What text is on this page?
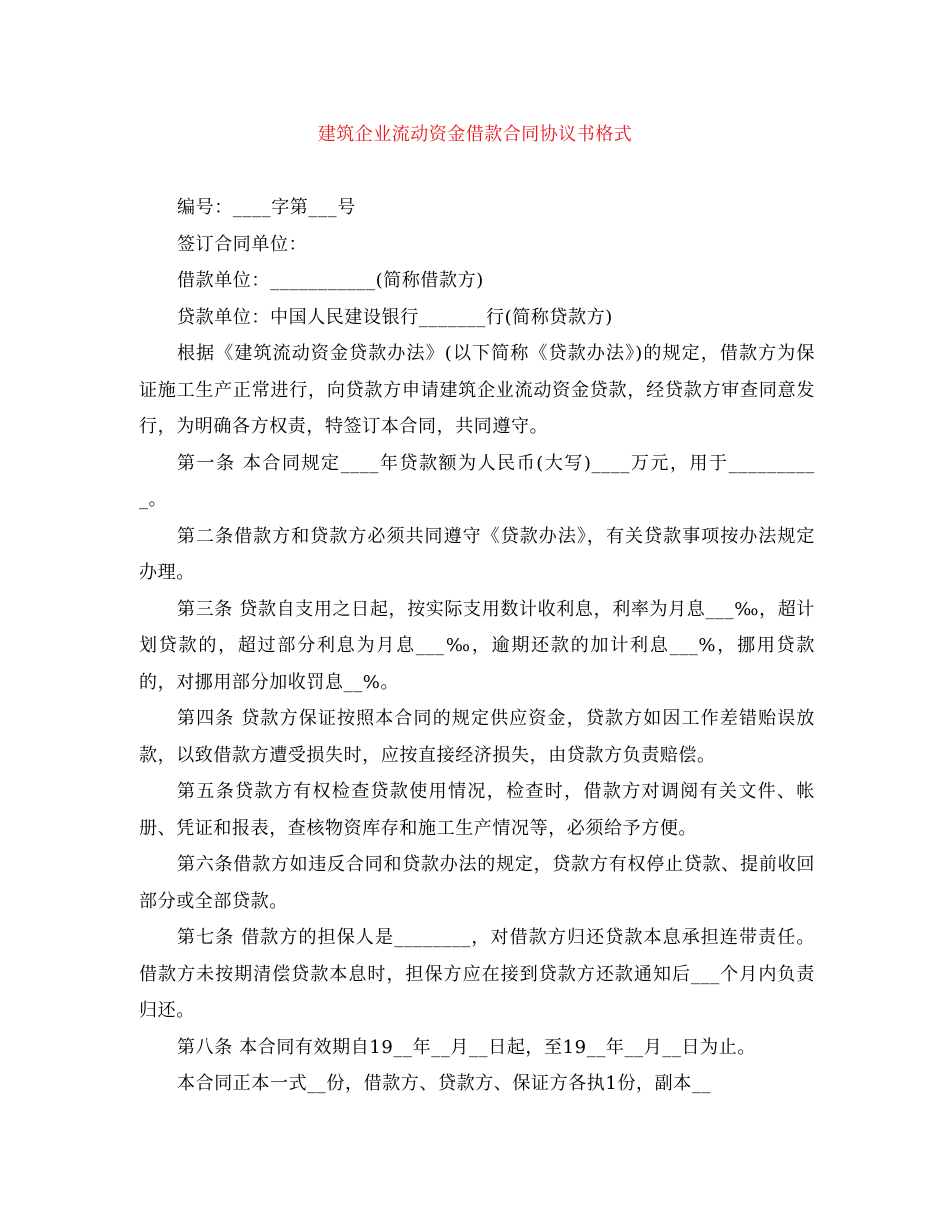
建筑企业流动资金借款合同协议书格式

编号：____字第___号

签订合同单位：

借款单位：___________(简称借款方)

贷款单位：中国人民建设银行_______行(简称贷款方)

根据《建筑流动资金贷款办法》(以下简称《贷款办法》)的规定，借款方为保证施工生产正常进行，向贷款方申请建筑企业流动资金贷款，经贷款方审查同意发行，为明确各方权责，特签订本合同，共同遵守。

第一条 本合同规定____年贷款额为人民币(大写)____万元，用于__________。

第二条借款方和贷款方必须共同遵守《贷款办法》，有关贷款事项按办法规定办理。

第三条 贷款自支用之日起，按实际支用数计收利息，利率为月息___‰，超计划贷款的，超过部分利息为月息___‰，逾期还款的加计利息___%，挪用贷款的，对挪用部分加收罚息__%。

第四条 贷款方保证按照本合同的规定供应资金，贷款方如因工作差错贻误放款，以致借款方遭受损失时，应按直接经济损失，由贷款方负责赔偿。

第五条贷款方有权检查贷款使用情况，检查时，借款方对调阅有关文件、帐册、凭证和报表，查核物资库存和施工生产情况等，必须给予方便。

第六条借款方如违反合同和贷款办法的规定，贷款方有权停止贷款、提前收回部分或全部贷款。

第七条 借款方的担保人是________，对借款方归还贷款本息承担连带责任。借款方未按期清偿贷款本息时，担保方应在接到贷款方还款通知后___个月内负责归还。

第八条 本合同有效期自19__年__月__日起，至19__年__月__日为止。

本合同正本一式__份，借款方、贷款方、保证方各执1份，副本__
